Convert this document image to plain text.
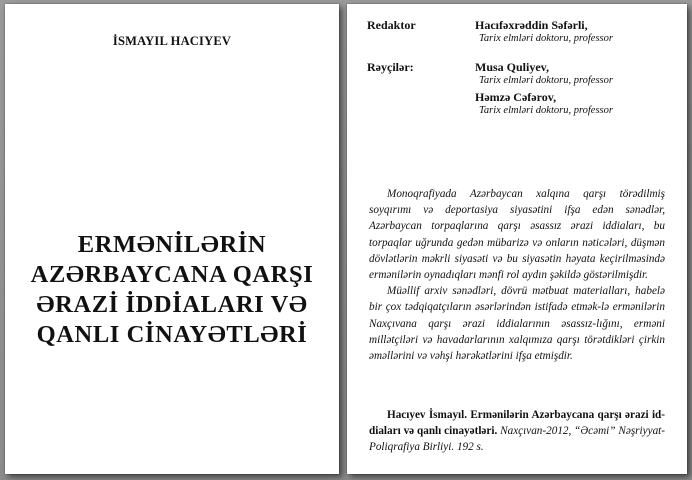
İSMAYIL HACIYEV
ERMƏNİLƏRİN
AZƏRBAYCANA QARŞI
ƏRAZİ İDDİALARI VƏ
QANLI CİNAYƏTLƏRİ
Redaktor	Hacıfəxrəddin Səfərli,
Tarix elmləri doktoru, professor
Rəyçilər:	Musa Quliyev,
Tarix elmləri doktoru, professor
Həmzə Cəfərov,
Tarix elmləri doktoru, professor

Monoqrafiyada Azərbaycan xalqına qarşı törədilmiş soyqırımı və deportasiya siyasətini ifşa edən sənədlər, Azərbaycan torpaqlarına qarşı əsassız ərazi iddiaları, bu torpaqlar uğrunda gedən mübarizə və onların nəticələri, düşmən dövlətlərin məkrli siyasəti və bu siyasətin həyata keçirilməsində ermənilərin oynadıqları mənfi rol aydın şəkildə göstərilmişdir.

Müəllif arxiv sənədləri, dövrü mətbuat materialları, habelə bir çox tədqiqatçıların əsərlərindən istifadə etmək-lə ermənilərin Naxçıvana qarşı ərazi iddialarının əsassız-lığını, erməni millətçiləri və havadarlarının xalqımıza qarşı törətdikləri çirkin əməllərini və vəhşi hərəkətlərini ifşa etmişdir.

Hacıyev İsmayıl. Ermənilərin Azərbaycana qarşı ərazi id-diaları və qanlı cinayətləri. Naxçıvan-2012, “Əcəmi” Nəşriyyat-Poliqrafiya Birliyi. 192 s.
